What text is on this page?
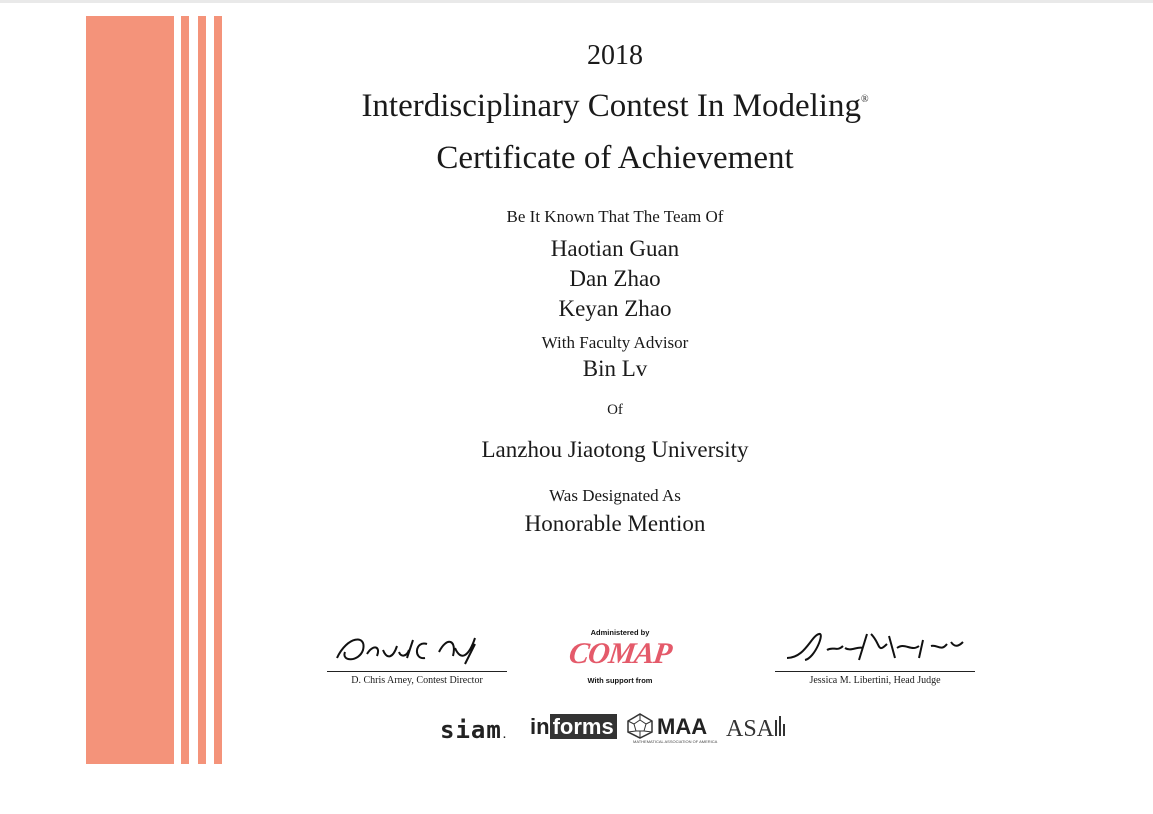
2018
Interdisciplinary Contest In Modeling®
Certificate of Achievement
Be It Known That The Team Of
Haotian Guan
Dan Zhao
Keyan Zhao
With Faculty Advisor
Bin Lv
Of
Lanzhou Jiaotong University
Was Designated As
Honorable Mention
D. Chris Arney, Contest Director
Administered by
COMAP
With support from	Jessica M. Libertini, Head Judge
siam. in forms MAA
MATHEMATICAL ASSOCIATION OF AMERICA ASA
